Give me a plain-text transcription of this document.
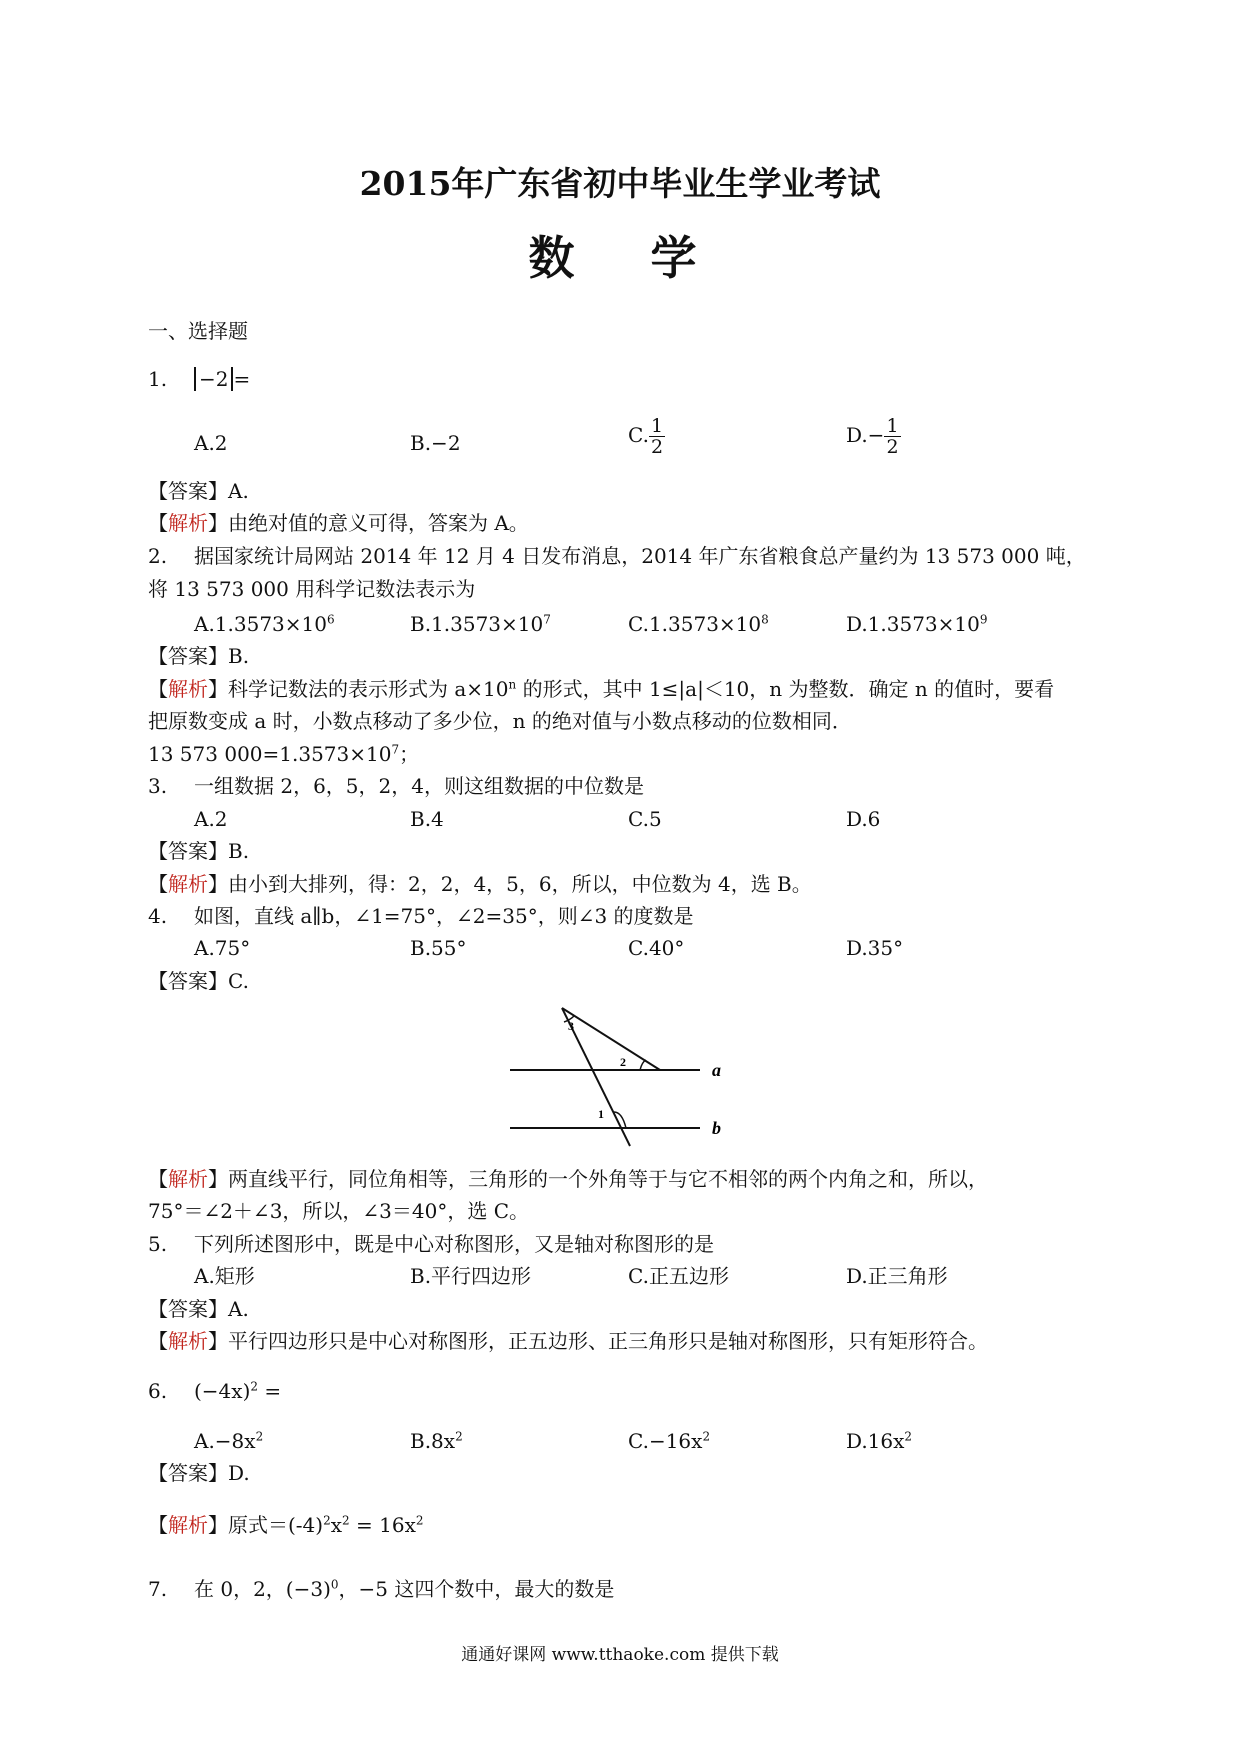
2015年广东省初中毕业生学业考试
数 学
一、选择题
1. −2 =
A.2	B.−2	C. $\frac{1}{2}$	$D.- \frac{1}{2}$
【答案】A.
【解析】由绝对值的意义可得，答案为 A。
2. 据国家统计局网站 2014 年 12 月 4 日发布消息，2014 年广东省粮食总产量约为 13 573 000 吨，
将 13 573 000 用科学记数法表示为
$A.1.3573\times 10^6$	$B.1.3573\times 10^7$	$C.1.3573\times 10^8$	$D.1.3573\times 10^9$
【答案】B.
【解析】科学记数法的表示形式为 $a\times 10^n$ 的形式，其中 1≤|a|＜10，n 为整数．确定 n 的值时，要看
把原数变成 a 时，小数点移动了多少位，n 的绝对值与小数点移动的位数相同．
13 573 $000=1.3573\times 10^7$；
3. 一组数据 2，6，5，2，4，则这组数据的中位数是
A.2	B.4	C.5	D.6
【答案】B.
【解析】由小到大排列，得：2，2，4，5，6，所以，中位数为 4，选 B。
4. 如图，直线 a∥b，∠1=75°，∠2=35°，则∠3 的度数是
A.75°	B.55°	C.40°	D.35°
【答案】C.
3
2
1
a
b
【解析】两直线平行，同位角相等，三角形的一个外角等于与它不相邻的两个内角之和，所以，
75°＝∠2＋∠3，所以，∠3＝40°，选 C。
5. 下列所述图形中，既是中心对称图形，又是轴对称图形的是
A.矩形	B.平行四边形	C.正五边形	D.正三角形
【答案】A.
【解析】平行四边形只是中心对称图形，正五边形、正三角形只是轴对称图形，只有矩形符合。
6. $(-4x)^2$ =
$A.-8x^2$	$B.8x^2$	$C.-16x^2$	$D.16x^2$
【答案】D.
【解析】原式$=(-4)^2x^2 = 16x^2$
7. 在 0，2，$(-3)^0$，−5 这四个数中，最大的数是
通通好课网 www.tthaoke.com 提供下载
